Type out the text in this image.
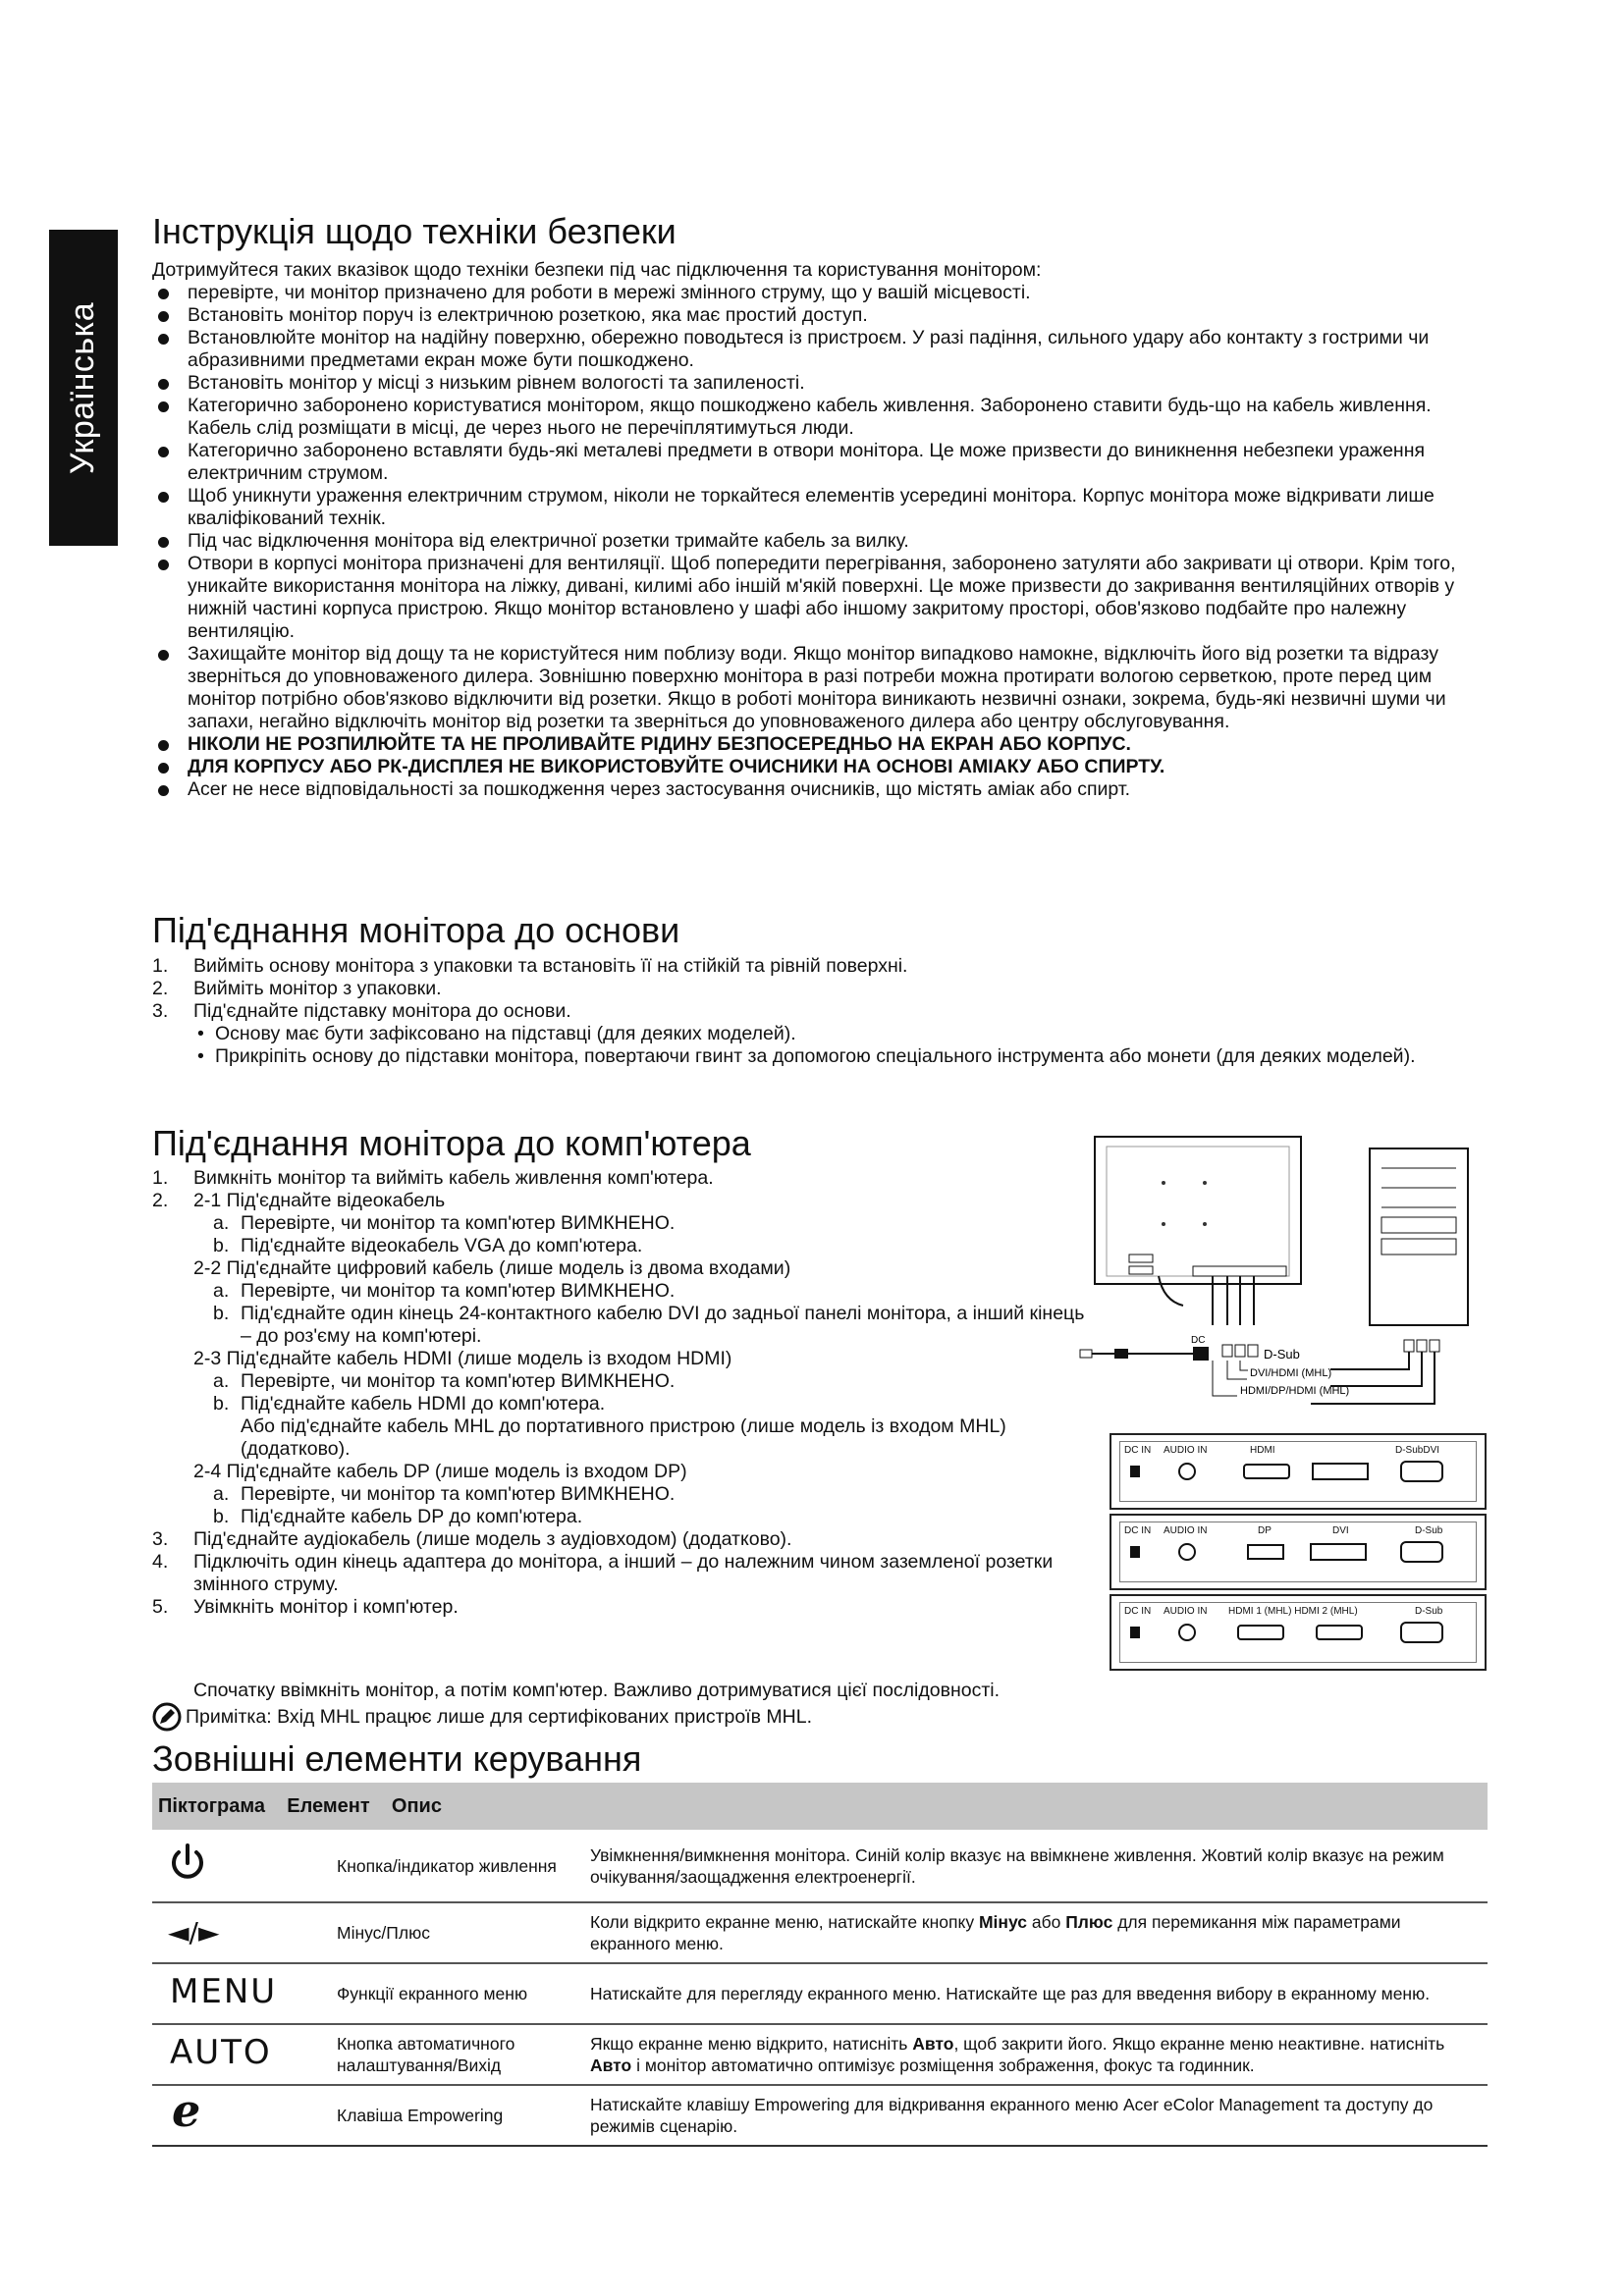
Українська
Інструкція щодо техніки безпеки
Дотримуйтеся таких вказівок щодо техніки безпеки під час підключення та користування монітором:
перевірте, чи монітор призначено для роботи в мережі змінного струму, що у вашій місцевості.
Встановіть монітор поруч із електричною розеткою, яка має простий доступ.
Встановлюйте монітор на надійну поверхню, обережно поводьтеся із пристроєм. У разі падіння, сильного удару або контакту з гострими чи абразивними предметами екран може бути пошкоджено.
Встановіть монітор у місці з низьким рівнем вологості та запиленості.
Категорично заборонено користуватися монітором, якщо пошкоджено кабель живлення. Заборонено ставити будь-що на кабель живлення. Кабель слід розміщати в місці, де через нього не перечіплятимуться люди.
Категорично заборонено вставляти будь-які металеві предмети в отвори монітора. Це може призвести до виникнення небезпеки ураження електричним струмом.
Щоб уникнути ураження електричним струмом, ніколи не торкайтеся елементів усередині монітора. Корпус монітора може відкривати лише кваліфікований технік.
Під час відключення монітора від електричної розетки тримайте кабель за вилку.
Отвори в корпусі монітора призначені для вентиляції. Щоб попередити перегрівання, заборонено затуляти або закривати ці отвори. Крім того, уникайте використання монітора на ліжку, дивані, килимі або іншій м'якій поверхні. Це може призвести до закривання вентиляційних отворів у нижній частині корпуса пристрою. Якщо монітор встановлено у шафі або іншому закритому просторі, обов'язково подбайте про належну вентиляцію.
Захищайте монітор від дощу та не користуйтеся ним поблизу води. Якщо монітор випадково намокне, відключіть його від розетки та відразу зверніться до уповноваженого дилера. Зовнішню поверхню монітора в разі потреби можна протирати вологою серветкою, проте перед цим монітор потрібно обов'язково відключити від розетки. Якщо в роботі монітора виникають незвичні ознаки, зокрема, будь-які незвичні шуми чи запахи, негайно відключіть монітор від розетки та зверніться до уповноваженого дилера або центру обслуговування.
НІКОЛИ НЕ РОЗПИЛЮЙТЕ ТА НЕ ПРОЛИВАЙТЕ РІДИНУ БЕЗПОСЕРЕДНЬО НА ЕКРАН АБО КОРПУС.
ДЛЯ КОРПУСУ АБО РК-ДИСПЛЕЯ НЕ ВИКОРИСТОВУЙТЕ ОЧИСНИКИ НА ОСНОВІ АМІАКУ АБО СПИРТУ.
Acer не несе відповідальності за пошкодження через застосування очисників, що містять аміак або спирт.
Під'єднання монітора до основи
1. Вийміть основу монітора з упаковки та встановіть її на стійкій та рівній поверхні.
2. Вийміть монітор з упаковки.
3. Під'єднайте підставку монітора до основи.
• Основу має бути зафіксовано на підставці (для деяких моделей).
• Прикріпіть основу до підставки монітора, повертаючи гвинт за допомогою спеціального інструмента або монети (для деяких моделей).
Під'єднання монітора до комп'ютера
1. Вимкніть монітор та вийміть кабель живлення комп'ютера.
2. 2-1 Під'єднайте відеокабель
a. Перевірте, чи монітор та комп'ютер ВИМКНЕНО.
b. Під'єднайте відеокабель VGA до комп'ютера.
2-2 Під'єднайте цифровий кабель (лише модель із двома входами)
a. Перевірте, чи монітор та комп'ютер ВИМКНЕНО.
b. Під'єднайте один кінець 24-контактного кабелю DVI до задньої панелі монітора, а інший кінець – до роз'єму на комп'ютері.
2-3 Під'єднайте кабель HDMI (лише модель із входом HDMI)
a. Перевірте, чи монітор та комп'ютер ВИМКНЕНО.
b. Під'єднайте кабель HDMI до комп'ютера.
Або під'єднайте кабель MHL до портативного пристрою (лише модель із входом MHL) (додатково).
2-4 Під'єднайте кабель DP (лише модель із входом DP)
a. Перевірте, чи монітор та комп'ютер ВИМКНЕНО.
b. Під'єднайте кабель DP до комп'ютера.
3. Під'єднайте аудіокабель (лише модель з аудіовходом) (додатково).
4. Підключіть один кінець адаптера до монітора, а інший – до належним чином заземленої розетки змінного струму.
5. Увімкніть монітор і комп'ютер.
Спочатку ввімкніть монітор, а потім комп'ютер. Важливо дотримуватися цієї послідовності.
Примітка: Вхід MHL працює лише для сертифікованих пристроїв MHL.
Зовнішні елементи керування
Піктограма Елемент Опис		
	Кнопка/індикатор живлення	Увімкнення/вимкнення монітора. Синій колір вказує на ввімкнене живлення. Жовтий колір вказує на режим очікування/заощадження електроенергії.
◄/►	Мінус/Плюс	Коли відкрито екранне меню, натискайте кнопку Мінус або Плюс для перемикання між параметрами екранного меню.
MENU	Функції екранного меню	Натискайте для перегляду екранного меню. Натискайте ще раз для введення вибору в екранному меню.
AUTO	Кнопка автоматичного налаштування/Вихід	Якщо екранне меню відкрито, натисніть Авто, щоб закрити його. Якщо екранне меню неактивне. натисніть Авто і монітор автоматично оптимізує розміщення зображення, фокус та годинник.
e	Клавіша Empowering	Натискайте клавішу Empowering для відкривання екранного меню Acer eColor Management та доступу до режимів сценарію.
DC
D-Sub
DVI/HDMI (MHL)
HDMI/DP/HDMI (MHL)
DC IN AUDIO IN	HDMI	D-SubDVI
DC IN AUDIO IN	DP	DVI	D-Sub
DC IN AUDIO IN HDMI 1 (MHL) HDMI 2 (MHL)	D-Sub
